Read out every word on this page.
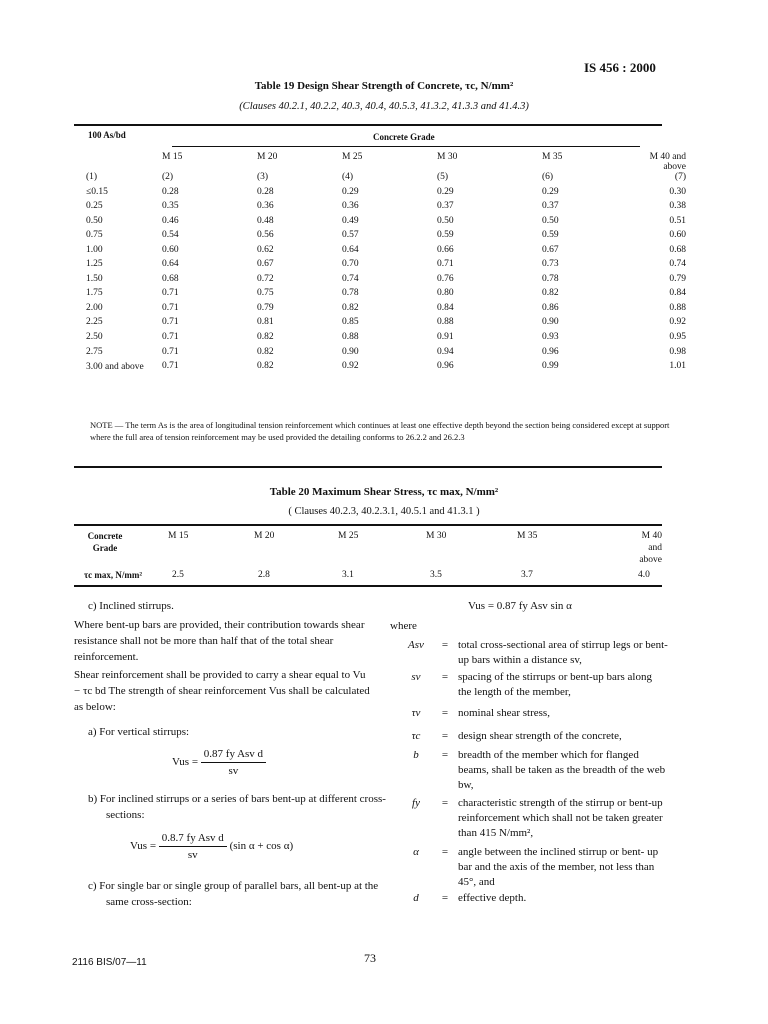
IS 456 : 2000
Table 19 Design Shear Strength of Concrete, τc, N/mm²
(Clauses 40.2.1, 40.2.2, 40.3, 40.4, 40.5.3, 41.3.2, 41.3.3 and 41.4.3)
100 As/bd	Concrete Grade
	M 15	M 20	M 25	M 30	M 35	M 40 and above
(1)	(2)	(3)	(4)	(5)	(6)	(7)
≤0.15	0.28	0.28	0.29	0.29	0.29	0.30
0.25	0.35	0.36	0.36	0.37	0.37	0.38
0.50	0.46	0.48	0.49	0.50	0.50	0.51
0.75	0.54	0.56	0.57	0.59	0.59	0.60
1.00	0.60	0.62	0.64	0.66	0.67	0.68
1.25	0.64	0.67	0.70	0.71	0.73	0.74
1.50	0.68	0.72	0.74	0.76	0.78	0.79
1.75	0.71	0.75	0.78	0.80	0.82	0.84
2.00	0.71	0.79	0.82	0.84	0.86	0.88
2.25	0.71	0.81	0.85	0.88	0.90	0.92
2.50	0.71	0.82	0.88	0.91	0.93	0.95
2.75	0.71	0.82	0.90	0.94	0.96	0.98
3.00 and above	0.71	0.82	0.92	0.96	0.99	1.01
NOTE — The term As is the area of longitudinal tension reinforcement which continues at least one effective depth beyond the section being considered except at support where the full area of tension reinforcement may be used provided the detailing conforms to 26.2.2 and 26.2.3
Table 20 Maximum Shear Stress, τc max, N/mm²
( Clauses 40.2.3, 40.2.3.1, 40.5.1 and 41.3.1 )
Concrete Grade
M 15	M 20	M 25	M 30	M 35	M 40 and above
τc max, N/mm²	2.5	2.8	3.1	3.5	3.7	4.0
c) Inclined stirrups.
Where bent-up bars are provided, their contribution towards shear resistance shall not be more than half that of the total shear reinforcement.
Shear reinforcement shall be provided to carry a shear equal to Vu − τc bd The strength of shear reinforcement Vus shall be calculated as below:
a) For vertical stirrups:
Vus = $\frac{\text{0.87 fy Asv d}}{sv}$
b) For inclined stirrups or a series of bars bent-up at different cross-sections:
Vus = $\frac{\text{0.8.7 fy Asv d}}{sv} (\sin$ α + cos α)
c) For single bar or single group of parallel bars, all bent-up at the same cross-section:
Vus = 0.87 fy Asv sin α
where
Asv	= total cross-sectional area of stirrup legs or bent-up bars within a distance sv,
sv	= spacing of the stirrups or bent-up bars along the length of the member,
τv	= nominal shear stress,
τc	= design shear strength of the concrete,
b	= breadth of the member which for flanged beams, shall be taken as the breadth of the web bw,
fy	= characteristic strength of the stirrup or bent-up reinforcement which shall not be taken greater than 415 N/mm²,
α	= angle between the inclined stirrup or bent- up bar and the axis of the member, not less than 45°, and
d	= effective depth.
2116 BIS/07—11	73
